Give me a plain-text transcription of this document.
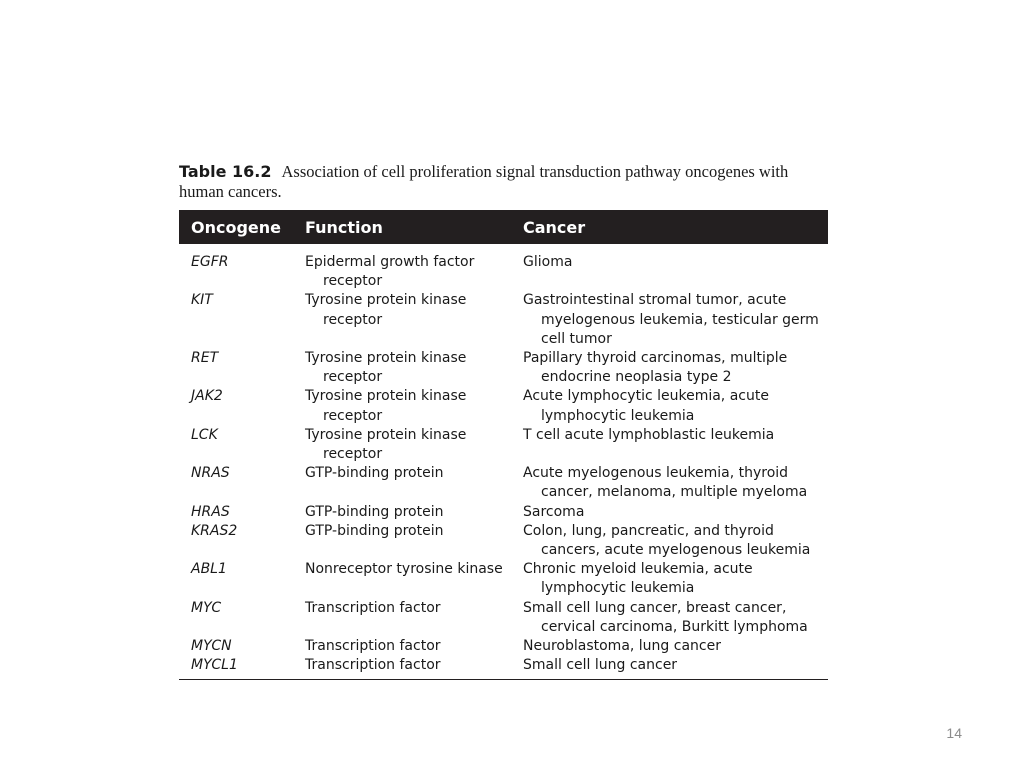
Table 16.2 Association of cell proliferation signal transduction pathway oncogenes with human cancers.
Oncogene	Function	Cancer
EGFR	Epidermal growth factor receptor	Glioma

KIT	Tyrosine protein kinase receptor	Gastrointestinal stromal tumor, acute myelogenous leukemia, testicular germ cell tumor

RET	Tyrosine protein kinase receptor	Papillary thyroid carcinomas, multiple endocrine neoplasia type 2

JAK2	Tyrosine protein kinase receptor	Acute lymphocytic leukemia, acute lymphocytic leukemia

LCK	Tyrosine protein kinase receptor	T cell acute lymphoblastic leukemia

NRAS	GTP-binding protein	Acute myelogenous leukemia, thyroid cancer, melanoma, multiple myeloma

HRAS	GTP-binding protein	Sarcoma

KRAS2	GTP-binding protein	Colon, lung, pancreatic, and thyroid cancers, acute myelogenous leukemia

ABL1	Nonreceptor tyrosine kinase	Chronic myeloid leukemia, acute lymphocytic leukemia

MYC	Transcription factor	Small cell lung cancer, breast cancer, cervical carcinoma, Burkitt lymphoma

MYCN	Transcription factor	Neuroblastoma, lung cancer

MYCL1	Transcription factor	Small cell lung cancer
14
